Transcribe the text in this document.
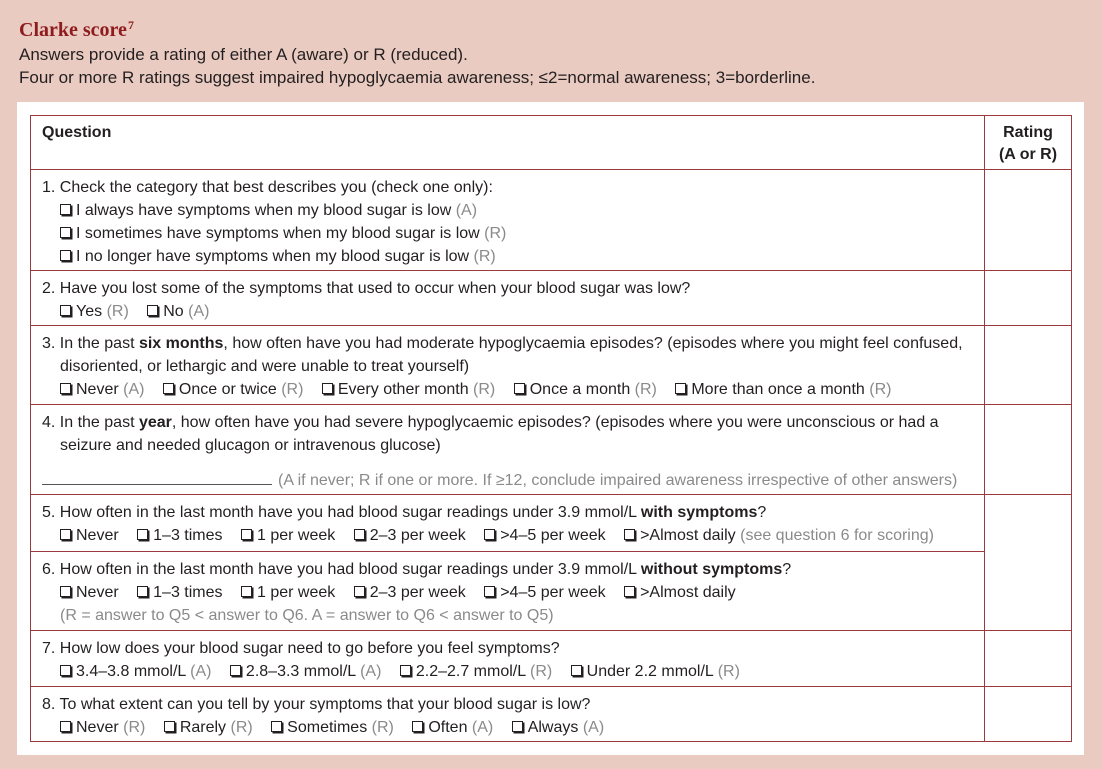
Clarke score$^7$
Answers provide a rating of either A (aware) or R (reduced).
Four or more R ratings suggest impaired hypoglycaemia awareness; ≤2=normal awareness; 3=borderline.
Question	Rating
(A or R)

1. Check the category that best describes you (check one only):
I always have symptoms when my blood sugar is low (A)
I sometimes have symptoms when my blood sugar is low (R)
I no longer have symptoms when my blood sugar is low (R)	

2. Have you lost some of the symptoms that used to occur when your blood sugar was low?
Yes (R) No (A)	

3. In the past six months, how often have you had moderate hypoglycaemia episodes? (episodes where you might feel confused, disoriented, or lethargic and were unable to treat yourself)
Never (A) Once or twice (R) Every other month (R) Once a month (R) More than once a month (R)	

4. In the past year, how often have you had severe hypoglycaemic episodes? (episodes where you were unconscious or had a seizure and needed glucagon or intravenous glucose)
(A if never; R if one or more. If ≥12, conclude impaired awareness irrespective of other answers)	

5. How often in the last month have you had blood sugar readings under 3.9 mmol/L with symptoms?
Never 1–3 times 1 per week 2–3 per week >4–5 per week >Almost daily (see question 6 for scoring)	

6. How often in the last month have you had blood sugar readings under 3.9 mmol/L without symptoms?
Never 1–3 times 1 per week 2–3 per week >4–5 per week >Almost daily
(R = answer to Q5 < answer to Q6. A = answer to Q6 < answer to Q5)	

7. How low does your blood sugar need to go before you feel symptoms?
3.4–3.8 mmol/L (A) 2.8–3.3 mmol/L (A) 2.2–2.7 mmol/L (R) Under 2.2 mmol/L (R)	

8. To what extent can you tell by your symptoms that your blood sugar is low?
Never (R) Rarely (R) Sometimes (R) Often (A) Always (A)	
